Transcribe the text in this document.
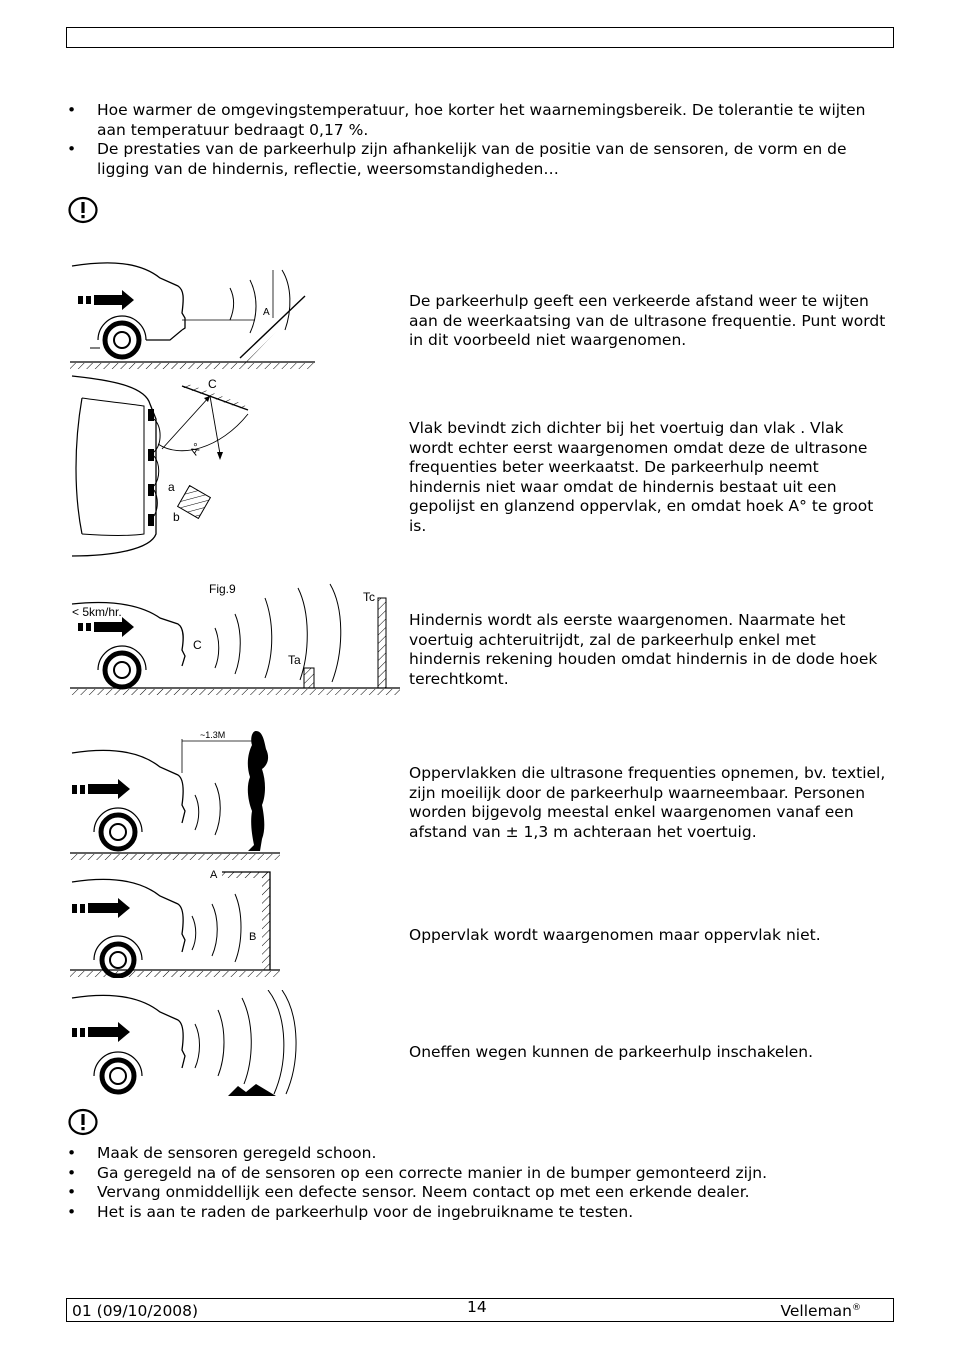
• Hoe warmer de omgevingstemperatuur, hoe korter het waarnemingsbereik. De tolerantie te wijten aan temperatuur bedraagt 0,17 %.
• De prestaties van de parkeerhulp zijn afhankelijk van de positie van de sensoren, de vorm en de ligging van de hindernis, reflectie, weersomstandigheden…
A
C
A°
a
b
Fig.9
< 5km/hr.
C
Ta
Tc
~1.3M
A
B

De parkeerhulp geeft een verkeerde afstand weer te wijten aan de weerkaatsing van de ultrasone frequentie. Punt wordt in dit voorbeeld niet waargenomen.

Vlak bevindt zich dichter bij het voertuig dan vlak . Vlak wordt echter eerst waargenomen omdat deze de ultrasone frequenties beter weerkaatst. De parkeerhulp neemt hindernis niet waar omdat de hindernis bestaat uit een gepolijst en glanzend oppervlak, en omdat hoek A° te groot is.

Hindernis wordt als eerste waargenomen. Naarmate het voertuig achteruitrijdt, zal de parkeerhulp enkel met hindernis rekening houden omdat hindernis in de dode hoek terechtkomt.

Oppervlakken die ultrasone frequenties opnemen, bv. textiel, zijn moeilijk door de parkeerhulp waarneembaar. Personen worden bijgevolg meestal enkel waargenomen vanaf een afstand van ± 1,3 m achteraan het voertuig.

Oppervlak wordt waargenomen maar oppervlak niet.

Oneffen wegen kunnen de parkeerhulp inschakelen.

• Maak de sensoren geregeld schoon.
• Ga geregeld na of de sensoren op een correcte manier in de bumper gemonteerd zijn.
• Vervang onmiddellijk een defecte sensor. Neem contact op met een erkende dealer.
• Het is aan te raden de parkeerhulp voor de ingebruikname te testen.
01 (09/10/2008)	14	Velleman®
